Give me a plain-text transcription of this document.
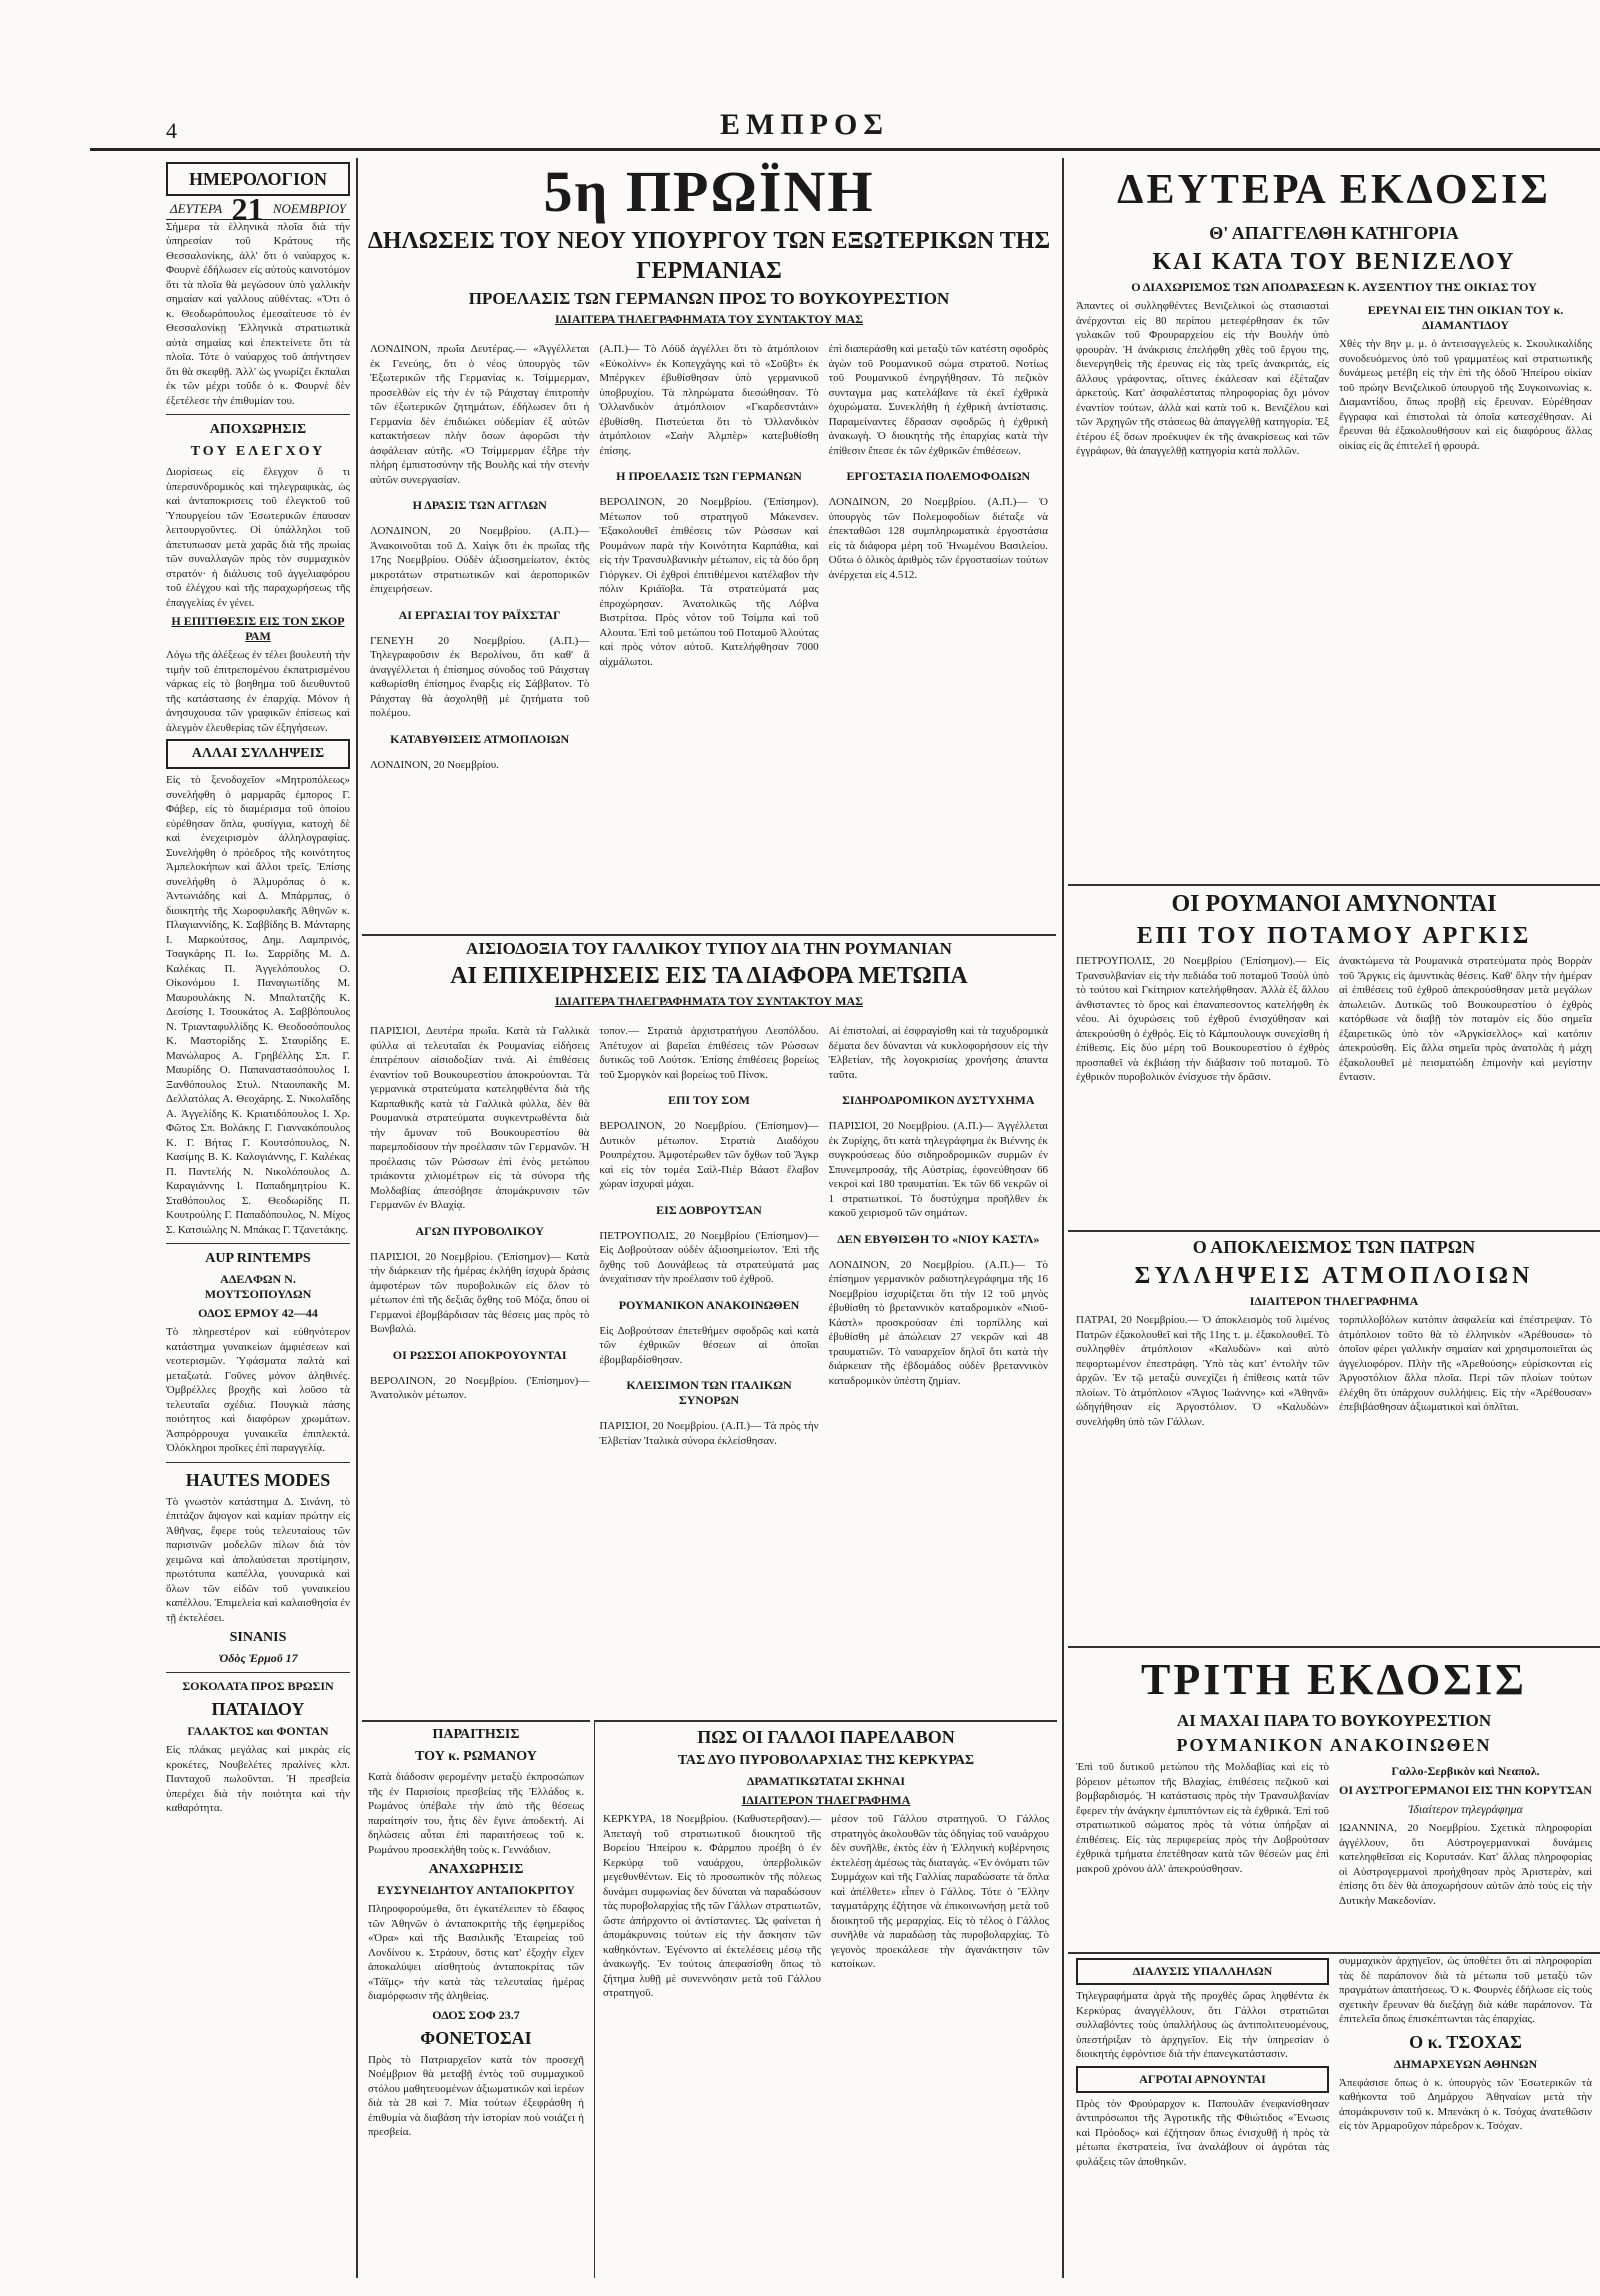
4	ΕΜΠΡΟΣ
ΗΜΕΡΟΛΟΓΙΟΝ
ΔΕΥΤΕΡΑ 21 ΝΟΕΜΒΡΙΟΥ

Σήμερα τὰ ἑλληνικὰ πλοῖα διὰ τὴν ὑπηρεσίαν τοῦ Κράτους τῆς Θεσσαλονίκης, ἀλλ' ὅτι ὁ ναύαρχος κ. Φουρνὲ ἐδήλωσεν εἰς αὐτοὺς καινοτόμον ὅτι τὰ πλοῖα θὰ μεγώσουν ὑπὸ γαλλικὴν σημαίαν καὶ γαλλους αὐθέντας. «Ὅτι ὁ κ. Θεοδωρόπουλος ἐμεσαίτευσε τὸ ἐν Θεσσαλονίκῃ Ἑλληνικὰ στρατιωτικὰ αὐτὰ σημαίας καὶ ἐπεκτείνετε ὅτι τὰ πλοῖα. Τότε ὁ ναύαρχος τοῦ ἀπήντησεν ὅτι θὰ σκεφθῇ. Ἀλλ' ὡς γνωρίζει ἔκπαλαι ἐκ τῶν μέχρι τοῦδε ὁ κ. Φουρνὲ δὲν ἐξετέλεσε τὴν ἐπιθυμίαν του.

ΑΠΟΧΩΡΗΣΙΣ
ΤΟΥ ΕΛΕΓΧΟΥ

Διορίσεως εἰς ἔλεγχον ὅ τι ὑπερσυνδρομικὸς καὶ τηλεγραφικὰς, ὡς καὶ ἀνταποκρισεις τοῦ ἐλεγκτοῦ τοῦ Ὑπουργείου τῶν Ἐσωτερικῶν ἐπαυσαν λειτουργοῦντες. Οἱ ὑπάλληλοι τοῦ ἀπετυπωσαν μετὰ χαρᾶς διὰ τῆς πρωίας τῶν συναλλαγῶν πρὸς τὸν συμμαχικὸν στρατόν· ἡ διάλυσις τοῦ ἀγγελιαφόρου τοῦ ἐλέγχου καὶ τῆς παραχωρήσεως τῆς ἐπαγγελίας ἐν γένει.

Η ΕΠΙΤΙΘΕΣΙΣ ΕΙΣ ΤΟΝ ΣΚΟΡ ΡΑΜ

Λόγω τῆς ἀλέξεως ἐν τέλει βουλευτὴ τὴν τιμὴν τοῦ ἐπιτρεπομένου ἐκπατρισμένου νάρκας εἰς τὸ βοηθημα τοῦ διευθυντοῦ τῆς κατάστασης ἐν ἐπαρχίᾳ. Μόνον ἡ ἀνησυχουσα τῶν γραφικῶν ἐπίσεως καὶ ἀλεγμὸν ἐλευθερίας τῶν ἐξηγήσεων.

ΑΛΛΑΙ ΣΥΛΛΗΨΕΙΣ

Εἰς τὸ ξενοδοχεῖον «Μητροπόλεως» συνελήφθη ὁ μαρμαρᾶς ἐμπορος Γ. Φάβερ, εἰς τὸ διαμέρισμα τοῦ ὁποίου εὑρέθησαν ὅπλα, φυσίγγια, κατοχὴ δὲ καὶ ἐνεχειρισμὸν ἀλληλογραφίας. Συνελήφθη ὁ πρόεδρος τῆς κοινότητος Ἀμπελοκήπων καὶ ἄλλοι τρεῖς. Ἐπίσης συνελήφθη ὁ Ἀλμυρόπας ὁ κ. Ἀντωνιάδης καὶ Δ. Μπάρμπας, ὁ διοικητὴς τῆς Χωροφυλακῆς Ἀθηνῶν κ. Πλαγιαννίδης, Κ. Σαββίδης Β. Μάνταρης Ι. Μαρκούτσος, Δημ. Λαμπρινός, Τσαγκάρης Π. Ιω. Σαρρίδης Μ. Δ. Καλέκας Π. Ἀγγελόπουλος Ο. Οἰκονόμου Ι. Παναγιωτίδης Μ. Μαυρουλάκης Ν. Μπαλτατζῆς Κ. Δεσίσης Ι. Τσουκάτος Α. Σαββόπουλος Ν. Τριανταφυλλίδης Κ. Θεοδοσόπουλος Κ. Μαστορίδης Σ. Σταυρίδης Ε. Μανώλαρος Α. Γρηβέλλης Σπ. Γ. Μαυρίδης Ο. Παπαναστασόπουλος Ι. Ξανθόπουλος Στυλ. Νταουπακῆς Μ. Δελλατόλας Α. Θεοχάρης. Σ. Νικολαΐδης Α. Ἀγγελίδης Κ. Κριατιδόπουλος Ι. Χρ. Φῶτος Σπ. Βολάκης Γ. Γιαννακόπουλος Κ. Γ. Βήτας Γ. Κουτσόπουλος, Ν. Κασίμης Β. Κ. Καλογιάννης, Γ. Καλέκας Π. Παντελής Ν. Νικολόπουλος Δ. Καραγιάννης Ι. Παπαδημητρίου Κ. Σταθόπουλος Σ. Θεοδωρίδης Π. Κουτρούλης Γ. Παπαδόπουλος, Ν. Μίχος Σ. Κατσιώλης Ν. Μπάκας Γ. Τζανετάκης.

AUP RINTEMPS
ΑΔΕΛΦΩΝ Ν. ΜΟΥΤΣΟΠΟΥΛΩΝ
ΟΔΟΣ ΕΡΜΟΥ 42—44

Τὸ πληρεστέρον καὶ εὐθηνότερον κατάστημα γυναικείων ἀμφιέσεων καὶ νεοτερισμῶν. Ὑφάσματα παλτὰ καὶ μεταξωτά. Γοῦνες μόνον ἀληθινές. Ὀμβρέλλες βροχῆς καὶ λοῦσο τὰ τελευταῖα σχέδια. Πουγκιὰ πάσης ποιότητος καὶ διαφόρων χρωμάτων. Ἀσπρόρρουχα γυναικεῖα ἐπιπλεκτά. Ὁλόκληροι προῖκες ἐπὶ παραγγελίᾳ.

HAUTES MODES

Τὸ γνωστὸν κατάστημα Δ. Σινάνη, τὸ ἐπιτάζον ἄψογον καὶ καμίαν πρώτην εἰς Ἀθῆνας, ἔφερε τοὺς τελευταίους τῶν παρισινῶν μοδελῶν πίλων διὰ τὸν χειμῶνα καὶ ἀπολαύσεται προτίμησιν, πρωτότυπα καπέλλα, γουναρικά καὶ ὅλων τῶν εἰδῶν τοῦ γυναικείου καπέλλου. Ἐπιμελεία καὶ καλαισθησία ἐν τῇ ἐκτελέσει.

SINANIS
Ὁδὸς Ἑρμοῦ 17
ΣΟΚΟΛΑΤΑ ΠΡΟΣ ΒΡΩΣΙΝ
ΠΑΤΑΙΔΟΥ
ΓΑΛΑΚΤΟΣ και ΦΟΝΤΑΝ

Εἰς πλάκας μεγάλας καὶ μικρὰς εἰς κροκέτες, Νουβελέτες πραλίνες κλπ. Πανταχοῦ πωλοῦνται. Ἡ πρεσβεία ὑπερέχει διὰ τὴν ποιότητα καὶ τὴν καθαρότητα.

5η ΠΡΩΪΝΗ
ΔΗΛΩΣΕΙΣ ΤΟΥ ΝΕΟΥ ΥΠΟΥΡΓΟΥ ΤΩΝ ΕΞΩΤΕΡΙΚΩΝ ΤΗΣ ΓΕΡΜΑΝΙΑΣ
ΠΡΟΕΛΑΣΙΣ ΤΩΝ ΓΕΡΜΑΝΩΝ ΠΡΟΣ ΤΟ ΒΟΥΚΟΥΡΕΣΤΙΟΝ
ΙΔΙΑΙΤΕΡΑ ΤΗΛΕΓΡΑΦΗΜΑΤΑ ΤΟΥ ΣΥΝΤΑΚΤΟΥ ΜΑΣ

ΛΟΝΔΙΝΟΝ, πρωΐα Δευτέρας.— «Ἀγγέλλεται ἐκ Γενεύης, ὅτι ὁ νέος ὑπουργὸς τῶν Ἐξωτερικῶν τῆς Γερμανίας κ. Τσίμμερμαν, προσελθὼν εἰς τὴν ἐν τῷ Ράιχσταγ ἐπιτροπὴν τῶν ἐξωτερικῶν ζητημάτων, ἐδήλωσεν ὅτι ἡ Γερμανία δὲν ἐπιδιώκει οὐδεμίαν ἐξ αὐτῶν κατακτήσεων πλὴν ὅσων ἀφορῶσι τὴν ἀσφάλειαν αὐτῆς. «Ὁ Τσίμμερμαν ἐξῆρε τὴν πλήρη ἐμπιστοσύνην τῆς Βουλῆς καὶ τὴν στενὴν αὐτῶν συνεργασίαν.

Η ΔΡΑΣΙΣ ΤΩΝ ΑΓΓΛΩΝ

ΛΟΝΔΙΝΟΝ, 20 Νοεμβρίου. (Α.Π.)— Ἀνακοινοῦται τοῦ Δ. Χαίγκ ὅτι ἐκ πρωΐας τῆς 17ης Νοεμβρίου. Οὐδὲν ἀξιοσημείωτον, ἐκτὸς μικροτάτων στρατιωτικῶν καὶ ἀεροπορικῶν ἐπιχειρήσεων.

ΑΙ ΕΡΓΑΣΙΑΙ ΤΟΥ ΡΑΪΧΣΤΑΓ

ΓΕΝΕΥΗ 20 Νοεμβρίου. (Α.Π.)— Τηλεγραφοῦσιν ἐκ Βερολίνου, ὅτι καθ' ἃ ἀναγγέλλεται ἡ ἐπίσημος σύνοδος τοῦ Ράιχσταγ καθωρίσθη ἐπίσημος ἔναρξις εἰς Σάββατον. Τὸ Ράιχσταγ θὰ ἀσχοληθῇ μὲ ζητήματα τοῦ πολέμου.

ΚΑΤΑΒΥΘΙΣΕΙΣ ΑΤΜΟΠΛΟΙΩΝ

ΛΟΝΔΙΝΟΝ, 20 Νοεμβρίου.

(Α.Π.)— Τὸ Λόϋδ ἀγγέλλει ὅτι τὸ ἀτμόπλοιον «Εὐκολίνν» ἐκ Κοπεγχάγης καὶ τὸ «Σοῦβτ» ἐκ Μπέργκεν ἐβυθίσθησαν ὑπὸ γερμανικοῦ ὑποβρυχίου. Τὰ πληρώματα διεσώθησαν. Τὸ Ὁλλανδικὸν ἀτμόπλοιον «Γκαρδεσντάιν» ἐβυθίσθη. Πιστεύεται ὅτι τὸ Ὁλλανδικὸν ἀτμόπλοιον «Σαὴν Ἀλμπὲρ» κατεβυθίσθη ἐπίσης.

Η ΠΡΟΕΛΑΣΙΣ ΤΩΝ ΓΕΡΜΑΝΩΝ

ΒΕΡΟΛΙΝΟΝ, 20 Νοεμβρίου. (Ἐπίσημον). Μέτωπον τοῦ στρατηγοῦ Μάκενσεν. Ἐξακολουθεῖ ἐπιθέσεις τῶν Ρώσσων καὶ Ρουμάνων παρὰ τὴν Κοινότητα Καρπάθια, καὶ εἰς τὴν Τρανσυλβανικὴν μέτωπον, εἰς τὰ δύο ὄρη Γιόργκεν. Οἱ ἐχθροὶ ἐπιτιθέμενοι κατέλαβον τὴν πόλιν Κριάϊοβα. Τὰ στρατεύματά μας ἐπροχώρησαν. Ἀνατολικῶς τῆς Λόβνα Βιστρίτσα. Πρὸς νότον τοῦ Τσίμπα καὶ τοῦ Αλουτα. Ἐπὶ τοῦ μετώπου τοῦ Ποταμοῦ Ἀλούτας καὶ πρὸς νότον αὐτοῦ. Κατελήφθησαν 7000 αἰχμάλωτοι.

ἐπὶ διαπεράσθη καὶ μεταξὺ τῶν κατέστη σφοδρὸς ἀγὼν τοῦ Ρουμανικοῦ σώμα στρατοῦ. Νοτίως τοῦ Ρουμανικοῦ ἐνηργήθησαν. Τὸ πεζικὸν συνταγμα μας κατελάβανε τὰ ἐκεῖ ἐχθρικὰ ὀχυρώματα. Συνεκλήθη ἡ ἐχθρικὴ ἀντίστασις. Παραμείναντες ἔδρασαν σφοδρῶς ἡ ἐχθρικὴ ἀνακωγὴ. Ὁ διοικητὴς τῆς ἐπαρχίας κατὰ τὴν ἐπίθεσιν ἔπεσε ἐκ τῶν ἐχθρικῶν ἐπιθέσεων.

ΕΡΓΟΣΤΑΣΙΑ ΠΟΛΕΜΟΦΟΔΙΩΝ

ΛΟΝΔΙΝΟΝ, 20 Νοεμβρίου. (Α.Π.)— Ὁ ὑπουργὸς τῶν Πολεμοφοδίων διέταξε νὰ ἐπεκταθῶσι 128 συμπληρωματικὰ ἐργοστάσια εἰς τὰ διάφορα μέρη τοῦ Ἡνωμένου Βασιλείου. Οὕτω ὁ ὁλικὸς ἀριθμὸς τῶν ἐργοστασίων τούτων ἀνέρχεται εἰς 4.512.

ΑΙΣΙΟΔΟΞΙΑ ΤΟΥ ΓΑΛΛΙΚΟΥ ΤΥΠΟΥ ΔΙΑ ΤΗΝ ΡΟΥΜΑΝΙΑΝ
ΑΙ ΕΠΙΧΕΙΡΗΣΕΙΣ ΕΙΣ ΤΑ ΔΙΑΦΟΡΑ ΜΕΤΩΠΑ
ΙΔΙΑΙΤΕΡΑ ΤΗΛΕΓΡΑΦΗΜΑΤΑ ΤΟΥ ΣΥΝΤΑΚΤΟΥ ΜΑΣ

ΠΑΡΙΣΙΟΙ, Δευτέρα πρωΐα. Κατὰ τὰ Γαλλικὰ φύλλα αἱ τελευταῖαι ἐκ Ρουμανίας εἰδήσεις ἐπιτρέπουν αἰσιοδοξίαν τινά. Αἱ ἐπιθέσεις ἐναντίον τοῦ Βουκουρεστίου ἀποκρούονται. Τὰ γερμανικὰ στρατεύματα κατεληφθέντα διὰ τῆς Καρπαθικῆς κατὰ τὰ Γαλλικὰ φύλλα, δὲν θὰ Ρουμανικὰ στρατεύματα συγκεντρωθέντα διὰ τὴν ἄμυναν τοῦ Βουκουρεστίου θὰ παρεμποδίσουν τὴν προέλασιν τῶν Γερμανῶν. Ἡ προέλασις τῶν Ρώσσων ἐπὶ ἐνὸς μετώπου τριάκοντα χιλιομέτρων εἰς τὰ σύνορα τῆς Μολδαβίας ἀπεσόβησε ἀπομάκρυνσιν τῶν Γερμανῶν ἐν Βλαχίᾳ.

ΑΓΩΝ ΠΥΡΟΒΟΛΙΚΟΥ

ΠΑΡΙΣΙΟΙ, 20 Νοεμβρίου. (Ἐπίσημον)— Κατὰ τὴν διάρκειαν τῆς ἡμέρας ἐκλήθη ἰσχυρὰ δράσις ἀμφοτέρων τῶν πυροβολικῶν εἰς ὅλον τὸ μέτωπον ἐπὶ τῆς δεξιᾶς ὄχθης τοῦ Μόζα, ὅπου οἱ Γερμανοὶ ἐβομβάρδισαν τὰς θέσεις μας πρὸς τὸ Βωνβαλώ.

ΟΙ ΡΩΣΣΟΙ ΑΠΟΚΡΟΥΟΥΝΤΑΙ

ΒΕΡΟΛΙΝΟΝ, 20 Νοεμβρίου. (Ἐπίσημον)— Ἀνατολικὸν μέτωπον.

τοπον.— Στρατιὰ ἀρχιστρατήγου Λεοπόλδου. Ἀπέτυχον αἱ βαρεῖαι ἐπιθέσεις τῶν Ρώσσων δυτικῶς τοῦ Λούτσκ. Ἐπίσης ἐπιθέσεις βορείως τοῦ Σμοργκὸν καὶ βορείως τοῦ Πίνσκ.

ΕΠΙ ΤΟΥ ΣΟΜ

ΒΕΡΟΛΙΝΟΝ, 20 Νοεμβρίου. (Ἐπίσημον)— Δυτικὸν μέτωπον. Στρατιὰ Διαδόχου Ρουπρέχτου. Ἀμφοτέρωθεν τῶν ὄχθων τοῦ Ἄγκρ καὶ εἰς τὸν τομέα Σαὶλ-Πιὲρ Βάαστ ἔλαβον χώραν ἰσχυραὶ μάχαι.

ΕΙΣ ΔΟΒΡΟΥΤΣΑΝ

ΠΕΤΡΟΥΠΟΛΙΣ, 20 Νοεμβρίου (Ἐπίσημον)— Εἰς Δοβρούτσαν οὐδὲν ἀξιοσημείωτον. Ἐπὶ τῆς ὄχθης τοῦ Δουνάβεως τὰ στρατεύματά μας ἀνεχαίτισαν τὴν προέλασιν τοῦ ἐχθροῦ.

ΡΟΥΜΑΝΙΚΟΝ ΑΝΑΚΟΙΝΩΘΕΝ

Εἰς Δοβρούτσαν ἐπετεθήμεν σφοδρῶς καὶ κατὰ τῶν ἐχθρικῶν θέσεων αἱ ὁποῖαι ἐβομβαρδίσθησαν.

ΚΛΕΙΣΙΜΟΝ ΤΩΝ ΙΤΑΛΙΚΩΝ ΣΥΝΟΡΩΝ

ΠΑΡΙΣΙΟΙ, 20 Νοεμβρίου. (Α.Π.)— Τὰ πρὸς τὴν Ἑλβετίαν Ἰταλικὰ σύνορα ἐκλείσθησαν.

Αἱ ἐπιστολαί, αἱ ἐσφραγίσθη καὶ τὰ ταχυδρομικὰ δέματα δεν δύνανται νὰ κυκλοφορήσουν εἰς τὴν Ἑλβετίαν, τῆς λογοκρισίας χρονήσης ἀπαντα ταῦτα.

ΣΙΔΗΡΟΔΡΟΜΙΚΟΝ ΔΥΣΤΥΧΗΜΑ

ΠΑΡΙΣΙΟΙ, 20 Νοεμβρίου. (Α.Π.)— Ἀγγέλλεται ἐκ Ζυρίχης, ὅτι κατὰ τηλεγράφημα ἐκ Βιέννης ἐκ συγκρούσεως δύο σιδηροδρομικῶν συρμῶν ἐν Σπυνεμπροσάχ, τῆς Αὐστρίας, ἐφονεύθησαν 66 νεκροὶ καὶ 180 τραυματίαι. Ἐκ τῶν 66 νεκρῶν οἱ 1 στρατιωτικοί. Τὸ δυστύχημα προῆλθεν ἐκ κακοῦ χειρισμοῦ τῶν σημάτων.

ΔΕΝ ΕΒΥΘΙΣΘΗ ΤΟ «ΝΙΟΥ ΚΑΣΤΛ»

ΛΟΝΔΙΝΟΝ, 20 Νοεμβρίου. (Α.Π.)— Τὸ ἐπίσημον γερμανικὸν ραδιοτηλεγράφημα τῆς 16 Νοεμβρίου ἰσχυρίζεται ὅτι τὴν 12 τοῦ μηνὸς ἐβυθίσθη τὸ βρεταννικὸν καταδρομικὸν «Νιοῦ-Κάστλ» προσκρούσαν ἐπὶ τορπίλλης καὶ ἐβυθίσθη μὲ ἀπώλειαν 27 νεκρῶν καὶ 48 τραυματιῶν. Τὸ ναυαρχεῖον δηλοῖ ὅτι κατὰ τὴν διάρκειαν τῆς ἑβδομάδος οὐδὲν βρεταννικὸν καταδρομικὸν ὑπέστη ζημίαν.

ΠΑΡΑΙΤΗΣΙΣ
ΤΟΥ κ. ΡΩΜΑΝΟΥ

Κατὰ διάδοσιν φερομένην μεταξὺ ἐκπροσώπων τῆς ἐν Παρισίοις πρεσβείας τῆς Ἑλλάδος κ. Ρωμάνος ὑπέβαλε τὴν ἀπὸ τῆς θέσεως παραίτησίν του, ἧτις δὲν ἔγινε ἀποδεκτή. Αἱ δηλώσεις αὗται ἐπὶ παραιτήσεως τοῦ κ. Ρωμάνου προσεκλήθη τοὺς κ. Γεννάδιον.

ΑΝΑΧΩΡΗΣΙΣ
ΕΥΣΥΝΕΙΔΗΤΟΥ ΑΝΤΑΠΟΚΡΙΤΟΥ

Πληροφορούμεθα, ὅτι ἐγκατέλειπεν τὸ ἔδαφος τῶν Ἀθηνῶν ὁ ἀνταποκριτὴς τῆς ἐφημερίδος «Ὁρα» καὶ τῆς Βασιλικῆς Ἐταιρείας τοῦ Λονδίνου κ. Στράουν, ὅστις κατ' ἐξοχὴν εἶχεν ἀποκαλύψει αἰσθητοὺς ἀνταποκρίτας τῶν «Τάϊμς» τὴν κατὰ τὰς τελευταίας ἡμέρας διαμόρφωσιν τῆς ἀληθείας.

ΟΔΟΣ ΣΟΦ 23.7
ΦΟΝΕΤΟΣΑΙ

Πρὸς τὸ Πατριαρχεῖον κατὰ τὸν προσεχῆ Νοέμβριον θὰ μεταβῇ ἐντὸς τοῦ συμμαχικοῦ στόλου μαθητευομένων ἀξιωματικῶν καὶ ἱερέων διὰ τὰ 28 καὶ 7. Μία τούτων ἐξεφράσθη ἡ ἐπιθυμία νὰ διαβάση τὴν ἱστορίαν ποὺ νοιάζει ἡ πρεσβεία.

ΠΩΣ ΟΙ ΓΑΛΛΟΙ ΠΑΡΕΛΑΒΟΝ
ΤΑΣ ΔΥΟ ΠΥΡΟΒΟΛΑΡΧΙΑΣ ΤΗΣ ΚΕΡΚΥΡΑΣ
ΔΡΑΜΑΤΙΚΩΤΑΤΑΙ ΣΚΗΝΑΙ
ΙΔΙΑΙΤΕΡΟΝ ΤΗΛΕΓΡΑΦΗΜΑ

ΚΕΡΚΥΡΑ, 18 Νοεμβρίου. (Καθυστερῆσαν).— Ἀπεταγὴ τοῦ στρατιωτικοῦ διοικητοῦ τῆς Βορείου Ἠπείρου κ. Φάρμπου προέβη ὁ ἐν Κερκύρᾳ τοῦ ναυάρχου, ὑπερβολικῶν μεγεθυνθέντων. Εἰς τὸ προσωπικὸν τῆς πόλεως δυνάμει συμφωνίας δεν δύναται νὰ παραδώσουν τὰς πυροβολαρχίας τῆς τῶν Γάλλων στρατιωτῶν, ὥστε ἀπήρχοντο οἱ ἀντίσταντες. Ὡς φαίνεται ἡ ἀπομάκρυνσις τούτων εἰς τὴν ἄσκησιν τῶν καθηκόντων. Ἐγένοντο αἱ ἐκτελέσεις μέσῳ τῆς ἀνακωγῆς. Ἐν τούτοις ἀπεφασίσθη ὅπως τὸ ζήτημα λυθῇ μὲ συνεννόησιν μετὰ τοῦ Γάλλου στρατηγοῦ.

μέσον τοῦ Γάλλου στρατηγοῦ. Ὁ Γάλλος στρατηγὸς ἀκολουθῶν τὰς ὁδηγίας τοῦ ναυάρχου δὲν συνῆλθε, ἐκτὸς ἐὰν ἡ Ἑλληνικὴ κυβέρνησις ἐκτελέσῃ ἀμέσως τὰς διαταγάς. «Ἐν ὀνόματι τῶν Συμμάχων καὶ τῆς Γαλλίας παραδώσατε τὰ ὅπλα καὶ ἀπέλθετε» εἶπεν ὁ Γάλλος. Τότε ὁ Ἕλλην ταγματάρχης ἐζήτησε νὰ ἐπικοινωνήσῃ μετὰ τοῦ διοικητοῦ τῆς μεραρχίας. Εἰς τὸ τέλος ὁ Γάλλος συνῆλθε νὰ παραδώσῃ τὰς πυροβολαρχίας. Τὸ γεγονὸς προεκάλεσε τὴν ἀγανάκτησιν τῶν κατοίκων.

ΔΕΥΤΕΡΑ ΕΚΔΟΣΙΣ
Θ' ΑΠΑΓΓΕΛΘΗ ΚΑΤΗΓΟΡΙΑ
ΚΑΙ ΚΑΤΑ ΤΟΥ ΒΕΝΙΖΕΛΟΥ
Ο ΔΙΑΧΩΡΙΣΜΟΣ ΤΩΝ ΑΠΟΔΡΑΣΕΩΝ Κ. ΑΥΞΕΝΤΙΟΥ ΤΗΣ ΟΙΚΙΑΣ ΤΟΥ

Ἀπαντες οἱ συλληφθέντες Βενιζελικοὶ ὡς στασιασταὶ ἀνέρχονται εἰς 80 περίπου μετεφέρθησαν ἐκ τῶν γυλακῶν τοῦ Φρουραρχείου εἰς τὴν Βουλὴν ὑπὸ φρουρὰν. Ἡ ἀνάκρισις ἐπελήφθη χθὲς τοῦ ἔργου της, διενεργηθεὶς τῆς ἐρευνας εἰς τὰς τρεῖς ἀνακριτάς, εἰς ἄλλους γράφοντας, οἵτινες ἐκάλεσαν καὶ ἐξέταζαν ἀρκετούς. Κατ' ἀσφαλέστατας πληροφορίας ὅχι μόνον ἐναντίον τούτων, ἀλλὰ καὶ κατὰ τοῦ κ. Βενιζέλου καὶ τῶν Ἀρχηγῶν τῆς στάσεως θὰ ἀπαγγελθῇ κατηγορία. Ἐξ ἐτέρου ἐξ ὅσων προέκυψεν ἐκ τῆς ἀνακρίσεως καὶ τῶν ἐγγράφων, θὰ ἀπαγγελθῇ κατηγορία κατὰ πολλῶν.

ΕΡΕΥΝΑΙ ΕΙΣ ΤΗΝ ΟΙΚΙΑΝ ΤΟΥ κ. ΔΙΑΜΑΝΤΙΔΟΥ

Χθὲς τὴν 8ην μ. μ. ὁ ἀντεισαγγελεὺς κ. Σκουλικαλίδης συνοδευόμενος ὑπὸ τοῦ γραμματέως καὶ στρατιωτικῆς δυνάμεως μετέβη εἰς τὴν ἐπὶ τῆς ὁδοῦ Ἠπείρου οἰκίαν τοῦ πρώην Βενιζελικοῦ ὑπουργοῦ τῆς Συγκοινωνίας κ. Διαμαντίδου, ὅπως προβῇ εἰς ἔρευναν. Εὑρέθησαν ἔγγραφα καὶ ἐπιστολαὶ τὰ ὁποῖα κατεσχέθησαν. Αἱ ἔρευναι θὰ ἐξακολουθήσουν καὶ εἰς διαφόρους ἄλλας οἰκίας εἰς ἃς ἐπιτελεῖ ἡ φρουρά.

ΟΙ ΡΟΥΜΑΝΟΙ ΑΜΥΝΟΝΤΑΙ
ΕΠΙ ΤΟΥ ΠΟΤΑΜΟΥ ΑΡΓΚΙΣ

ΠΕΤΡΟΥΠΟΛΙΣ, 20 Νοεμβρίου (Ἐπίσημον).— Εἰς Τρανσυλβανίαν εἰς τὴν πεδιάδα τοῦ ποταμοῦ Τσοὺλ ὑπὸ τὸ τούτου καὶ Γκίτηριον κατελήφθησαν. Ἀλλὰ ἐξ ἄλλου ἀνθισταντες τὸ ὄρος καὶ ἐπαναπεσοντος κατελήφθη ἐκ νέου. Αἱ ὀχυρώσεις τοῦ ἐχθροῦ ἐνισχύθησαν καὶ ἀπεκρούσθη ὁ ἐχθρός. Εἰς τὸ Κάμπουλουγκ συνεχίσθη ἡ ἐπίθεσις. Εἰς δύο μέρη τοῦ Βουκουρεστίου ὁ ἐχθρὸς προσπαθεῖ νὰ ἐκβιάσῃ τὴν διάβασιν τοῦ ποταμοῦ. Τὸ ἐχθρικὸν πυροβολικὸν ἐνίσχυσε τὴν δρᾶσιν.

ἀνακτώμενα τὰ Ρουμανικὰ στρατεύματα πρὸς Βορρὰν τοῦ Ἄργκις εἰς ἀμυντικὰς θέσεις. Καθ' ὅλην τὴν ἡμέραν αἱ ἐπιθέσεις τοῦ ἐχθροῦ ἀπεκρούσθησαν μετὰ μεγάλων ἀπωλειῶν. Δυτικῶς τοῦ Βουκουρεστίου ὁ ἐχθρὸς κατόρθωσε νὰ διαβῇ τὸν ποταμὸν εἰς δύο σημεῖα ἐξαιρετικῶς ὑπὸ τὸν «Ἀργκίσελλος» καὶ κατόπιν ἀπεκρούσθη. Εἰς ἄλλα σημεῖα πρὸς ἀνατολὰς ἡ μάχη ἐξακολουθεῖ μὲ πεισματώδη ἐπιμονὴν καὶ μεγίστην ἔντασιν.

Ο ΑΠΟΚΛΕΙΣΜΟΣ ΤΩΝ ΠΑΤΡΩΝ
ΣΥΛΛΗΨΕΙΣ ΑΤΜΟΠΛΟΙΩΝ
ΙΔΙΑΙΤΕΡΟΝ ΤΗΛΕΓΡΑΦΗΜΑ

ΠΑΤΡΑΙ, 20 Νοεμβρίου.— Ὁ ἀποκλεισμὸς τοῦ λιμένος Πατρῶν ἐξακολουθεῖ καὶ τῆς 11ης τ. μ. ἐξακολουθεῖ. Τὸ συλληφθὲν ἀτμόπλοιον «Καλυδὼν» καὶ αὐτὸ πεφορτωμένον ἐπεστράφη. Ὑπὸ τὰς κατ' ἐντολὴν τῶν ἀρχῶν. Ἐν τῷ μεταξὺ συνεχίζει ἡ ἐπίθεσις κατὰ τῶν πλοίων. Τὸ ἀτμόπλοιον «Ἅγιος Ἰωάννης» καὶ «Ἀθηνᾶ» ὡδηγήθησαν εἰς Ἀργοστόλιον. Ὁ «Καλυδὼν» συνελήφθη ὑπὸ τῶν Γάλλων.

τορπιλλοβόλων κατόπιν ἀσφαλεία καὶ ἐπέστρεψαν. Τὸ ἀτμόπλοιον τοῦτο θὰ τὸ ἐλληνικὸν «Ἀρέθουσα» τὸ ὁποῖον φέρει γαλλικὴν σημαίαν καὶ χρησιμοποιεῖται ὡς ἀγγελιοφόρον. Πλὴν τῆς «Ἀρεθούσης» εὑρίσκονται εἰς Ἀργοστόλιον ἄλλα πλοῖα. Περὶ τῶν πλοίων τούτων ἐλέχθη ὅτι ὑπάρχουν συλλήψεις. Εἰς τὴν «Ἀρέθουσαν» ἐπεβιβάσθησαν ἀξιωματικοὶ καὶ ὁπλῖται.

ΤΡΙΤΗ ΕΚΔΟΣΙΣ
ΑΙ ΜΑΧΑΙ ΠΑΡΑ ΤΟ ΒΟΥΚΟΥΡΕΣΤΙΟΝ
ΡΟΥΜΑΝΙΚΟΝ ΑΝΑΚΟΙΝΩΘΕΝ

Ἐπὶ τοῦ δυτικοῦ μετώπου τῆς Μολδαβίας καὶ εἰς τὸ βόρειον μέτωπον τῆς Βλαχίας, ἐπιθέσεις πεζικοῦ καὶ βομβαρδισμός. Ἡ κατάστασις πρὸς τὴν Τρανσυλβανίαν ἔφερεν τὴν ἀνάγκην ἐμπιπτόντων εἰς τὰ ἐχθρικά. Ἐπὶ τοῦ στρατιωτικοῦ σώματος πρὸς τὰ νότια ὑπήρξαν αἱ ἐπιθέσεις. Εἰς τὰς περιφερείας πρὸς τὴν Δοβρούτσαν ἐχθρικὰ τμήματα ἐπετέθησαν κατὰ τῶν θέσεών μας ἐπὶ μακροῦ χρόνου ἀλλ' ἀπεκρούσθησαν.

Γαλλο-Σερβικὸν καὶ Νεαπολ.
ΟΙ ΑΥΣΤΡΟΓΕΡΜΑΝΟΙ ΕΙΣ ΤΗΝ ΚΟΡΥΤΣΑΝ
Ἰδιαίτερον τηλεγράφημα

ΙΩΑΝΝΙΝΑ, 20 Νοεμβρίου. Σχετικὰ πληροφορίαι ἀγγέλλουν, ὅτι Αὐστρογερμανικαὶ δυνάμεις κατεληφθεῖσαι εἰς Κορυτσάν. Κατ' ἄλλας πληροφορίας οἱ Αὐστρογερμανοὶ προήχθησαν πρὸς Ἀριστερὰν, καὶ ἐπίσης ὅτι δὲν θὰ ἀποχωρήσουν αὐτῶν ἀπὸ τοὺς εἰς τὴν Δυτικὴν Μακεδονίαν.

ΔΙΑΛΥΣΙΣ ΥΠΑΛΛΗΛΩΝ

Τηλεγραφήματα ἀργὰ τῆς προχθὲς ὥρας ληφθέντα ἐκ Κερκύρας ἀναγγέλλουν, ὅτι Γάλλοι στρατιῶται συλλαβόντες τοὺς ὑπαλλήλους ὡς ἀντιπολιτευομένους, ὑπεστήριξαν τὸ ἀρχηγεῖον. Εἰς τὴν ὑπηρεσίαν ὁ διοικητὴς ἐφρόντισε διὰ τὴν ἐπανεγκατάστασιν.

ΑΓΡΟΤΑΙ ΑΡΝΟΥΝΤΑΙ

Πρὸς τὸν Φρούραρχον κ. Παπουλᾶν ἐνεφανίσθησαν ἀντιπρόσωποι τῆς Ἀγροτικῆς τῆς Φθιώτιδος «Ἔνωσις καὶ Πρόοδος» καὶ ἐζήτησαν ὅπως ἐνισχυθῇ ἡ πρὸς τὰ μέτωπα ἐκστρατεία, ἵνα ἀναλάβουν οἱ ἀγρόται τὰς φυλάξεις τῶν ἀποθηκῶν.

συμμαχικὸν ἀρχηγεῖον, ὡς ὑποθέτει ὅτι αἱ πληροφορίαι τὰς δὲ παράπονον διὰ τὰ μέτωπα τοῦ μεταξὺ τῶν πραγμάτων ἀπαιτήσεως. Ὁ κ. Φουρνὲς ἐδήλωσε εἰς τοὺς σχετικὴν ἔρευναν θὰ διεξάγῃ διὰ κάθε παράπονον. Τὰ ἐπιτελεῖα ὅπως ἐπισκέπτωνται τὰς ἐπαρχίας.

Ο κ. ΤΣΟΧΑΣ
ΔΗΜΑΡΧΕΥΩΝ ΑΘΗΝΩΝ

Ἀπεφάσισε ὅπως ὁ κ. ὑπουργὸς τῶν Ἐσωτερικῶν τὰ καθήκοντα τοῦ Δημάρχου Ἀθηναίων μετὰ τὴν ἀπομάκρυνσιν τοῦ κ. Μπενάκη ὁ κ. Τσόχας ἀνατεθῶσιν εἰς τὸν Ἀρμαροῦχον πάρεδρον κ. Τσόχαν.
